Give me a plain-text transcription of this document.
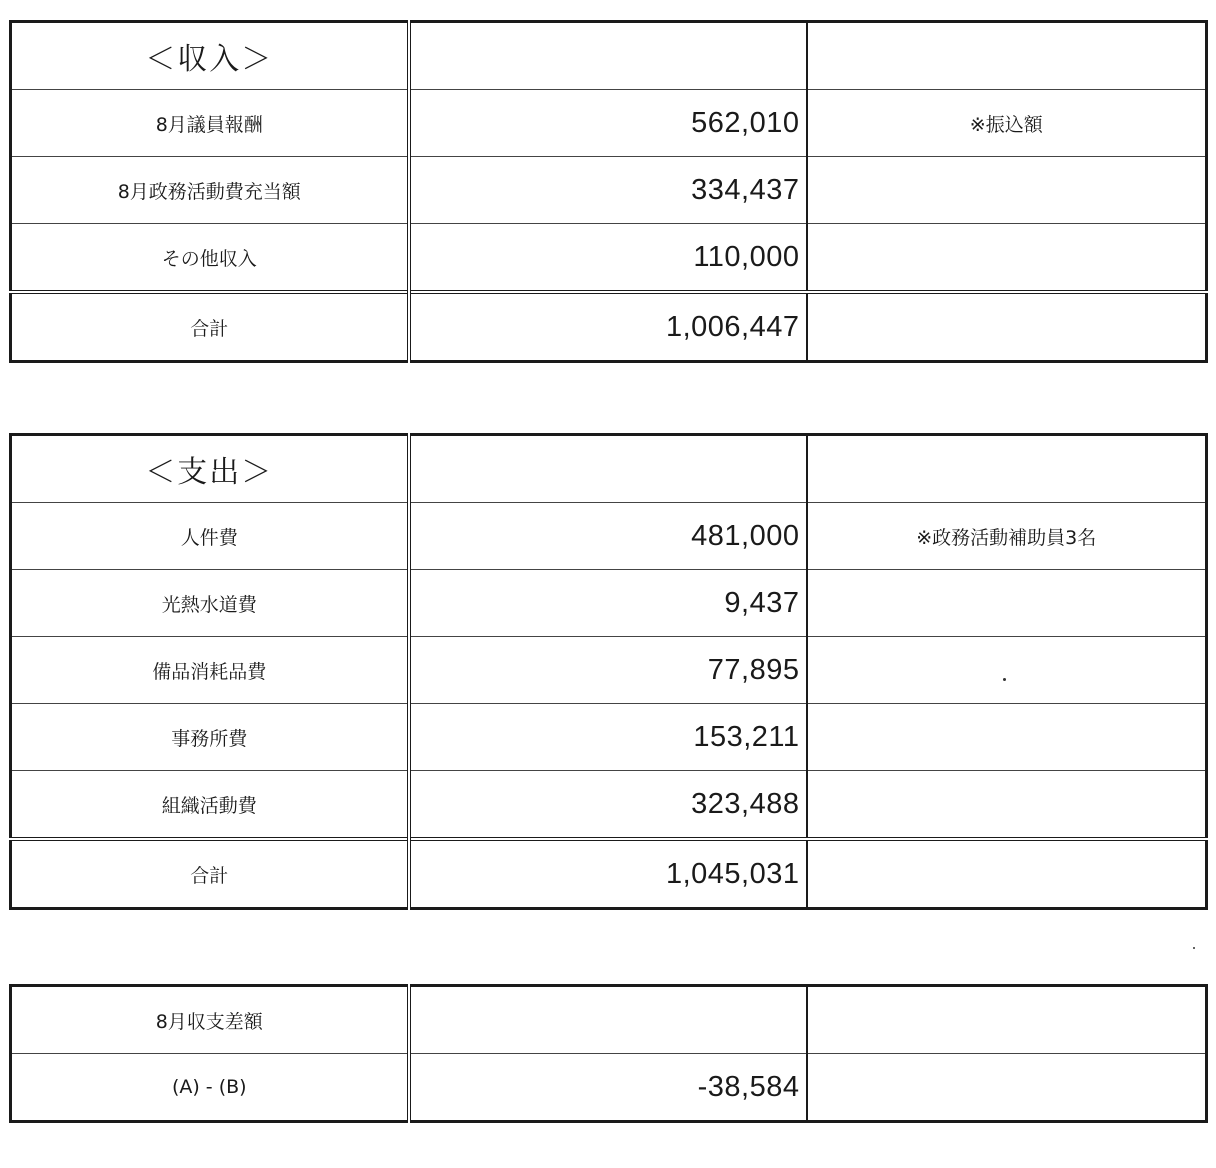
＜収入＞		
8月議員報酬	562,010	※振込額
8月政務活動費充当額	334,437	
その他収入	110,000	
合計	1,006,447	
＜支出＞		
人件費	481,000	※政務活動補助員3名
光熱水道費	9,437	
備品消耗品費	77,895	
事務所費	153,211	
組織活動費	323,488	
合計	1,045,031	
8月収支差額		
(A) - (B)	-38,584	
